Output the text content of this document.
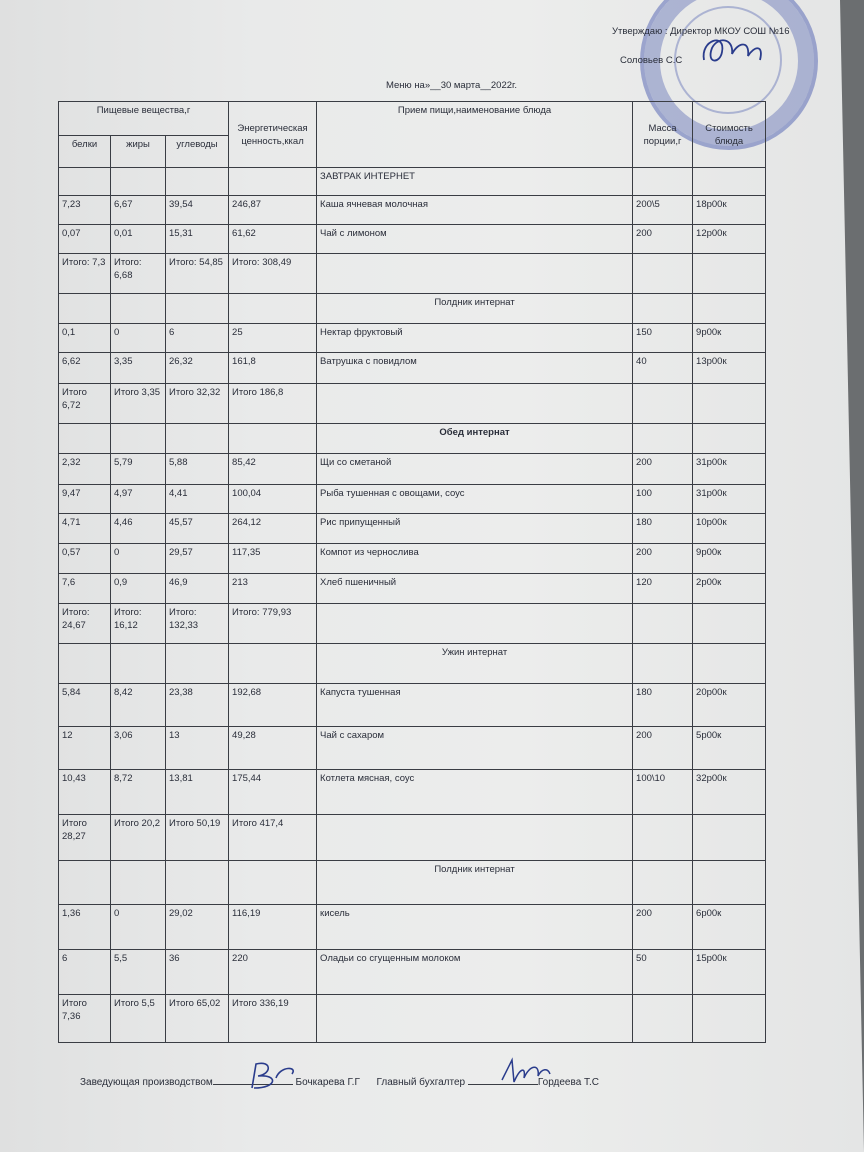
Утверждаю : Директор МКОУ СОШ №16
Соловьев С.С
Меню на»__30 марта__2022г.
Пищевые вещества,г			Энергетическая ценность,ккал	Прием пищи,наименование блюда	Масса порции,г	Стоимость блюда
белки	жиры	углеводы				
				ЗАВТРАК ИНТЕРНЕТ		
7,23	6,67	39,54	246,87	Каша ячневая молочная	200\5	18р00к
0,07	0,01	15,31	61,62	Чай с лимоном	200	12р00к
Итого: 7,3	Итого: 6,68	Итого: 54,85	Итого: 308,49			
				Полдник интернат		
0,1	0	6	25	Нектар фруктовый	150	9р00к
6,62	3,35	26,32	161,8	Ватрушка с повидлом	40	13р00к
Итого 6,72	Итого 3,35	Итого 32,32	Итого 186,8			
				Обед интернат		
2,32	5,79	5,88	85,42	Щи со сметаной	200	31р00к
9,47	4,97	4,41	100,04	Рыба тушенная с овощами, соус	100	31р00к
4,71	4,46	45,57	264,12	Рис припущенный	180	10р00к
0,57	0	29,57	117,35	Компот из чернослива	200	9р00к
7,6	0,9	46,9	213	Хлеб пшеничный	120	2р00к
Итого: 24,67	Итого: 16,12	Итого: 132,33	Итого: 779,93			
				Ужин интернат		
5,84	8,42	23,38	192,68	Капуста тушенная	180	20р00к
12	3,06	13	49,28	Чай с сахаром	200	5р00к
10,43	8,72	13,81	175,44	Котлета мясная, соус	100\10	32р00к
Итого 28,27	Итого 20,2	Итого 50,19	Итого 417,4			
				Полдник интернат		
1,36	0	29,02	116,19	кисель	200	6р00к
6	5,5	36	220	Оладьи со сгущенным молоком	50	15р00к
Итого 7,36	Итого 5,5	Итого 65,02	Итого 336,19			
Заведующая производством	Бочкарева Г.Г Главный бухгалтер	Гордеева Т.С
